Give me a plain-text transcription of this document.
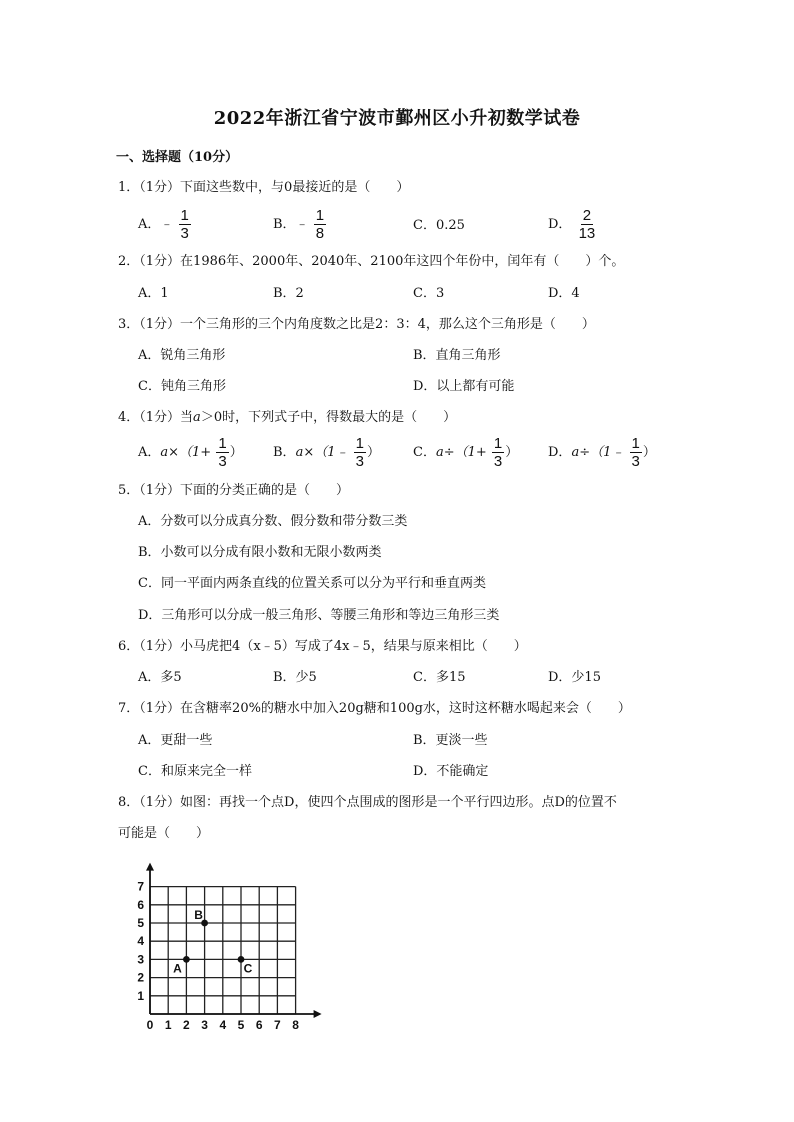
2022年浙江省宁波市鄞州区小升初数学试卷
一、选择题（10分）
1．（1分）下面这些数中，与0最接近的是（　　）
A．﹣ $\frac{1}{3}$	B．﹣ $\frac{1}{8}$	C．0.25	D． $\frac{2}{13}$
2．（1分）在1986年、2000年、2040年、2100年这四个年份中，闰年有（　　）个。
A．1	B．2	C．3	D．4
3．（1分）一个三角形的三个内角度数之比是2：3：4，那么这个三角形是（　　）
A．锐角三角形	B．直角三角形
C．钝角三角形	D．以上都有可能
4．（1分）当a＞0时，下列式子中，得数最大的是（　　）
A．$a\times(1+ \frac{1}{3}$ ） B．a×（1﹣ $\frac{1}{3}$ ）	C．$a\div(1+ \frac{1}{3}$ ） D．a÷（1﹣ $\frac{1}{3}$ ）
5．（1分）下面的分类正确的是（　　）
A．分数可以分成真分数、假分数和带分数三类
B．小数可以分成有限小数和无限小数两类
C．同一平面内两条直线的位置关系可以分为平行和垂直两类
D．三角形可以分成一般三角形、等腰三角形和等边三角形三类
6．（1分）小马虎把4（x﹣5）写成了4x﹣5，结果与原来相比（　　）
A．多5	B．少5	C．多15	D．少15
7．（1分）在含糖率20%的糖水中加入20g糖和100g水，这时这杯糖水喝起来会（　　）
A．更甜一些	B．更淡一些
C．和原来完全一样	D．不能确定
8．（1分）如图：再找一个点D，使四个点围成的图形是一个平行四边形。点D的位置不
可能是（　　）
0 1 2 3 4 5 6 7 8
1
2
3
4
5
6
7
A
B
C
